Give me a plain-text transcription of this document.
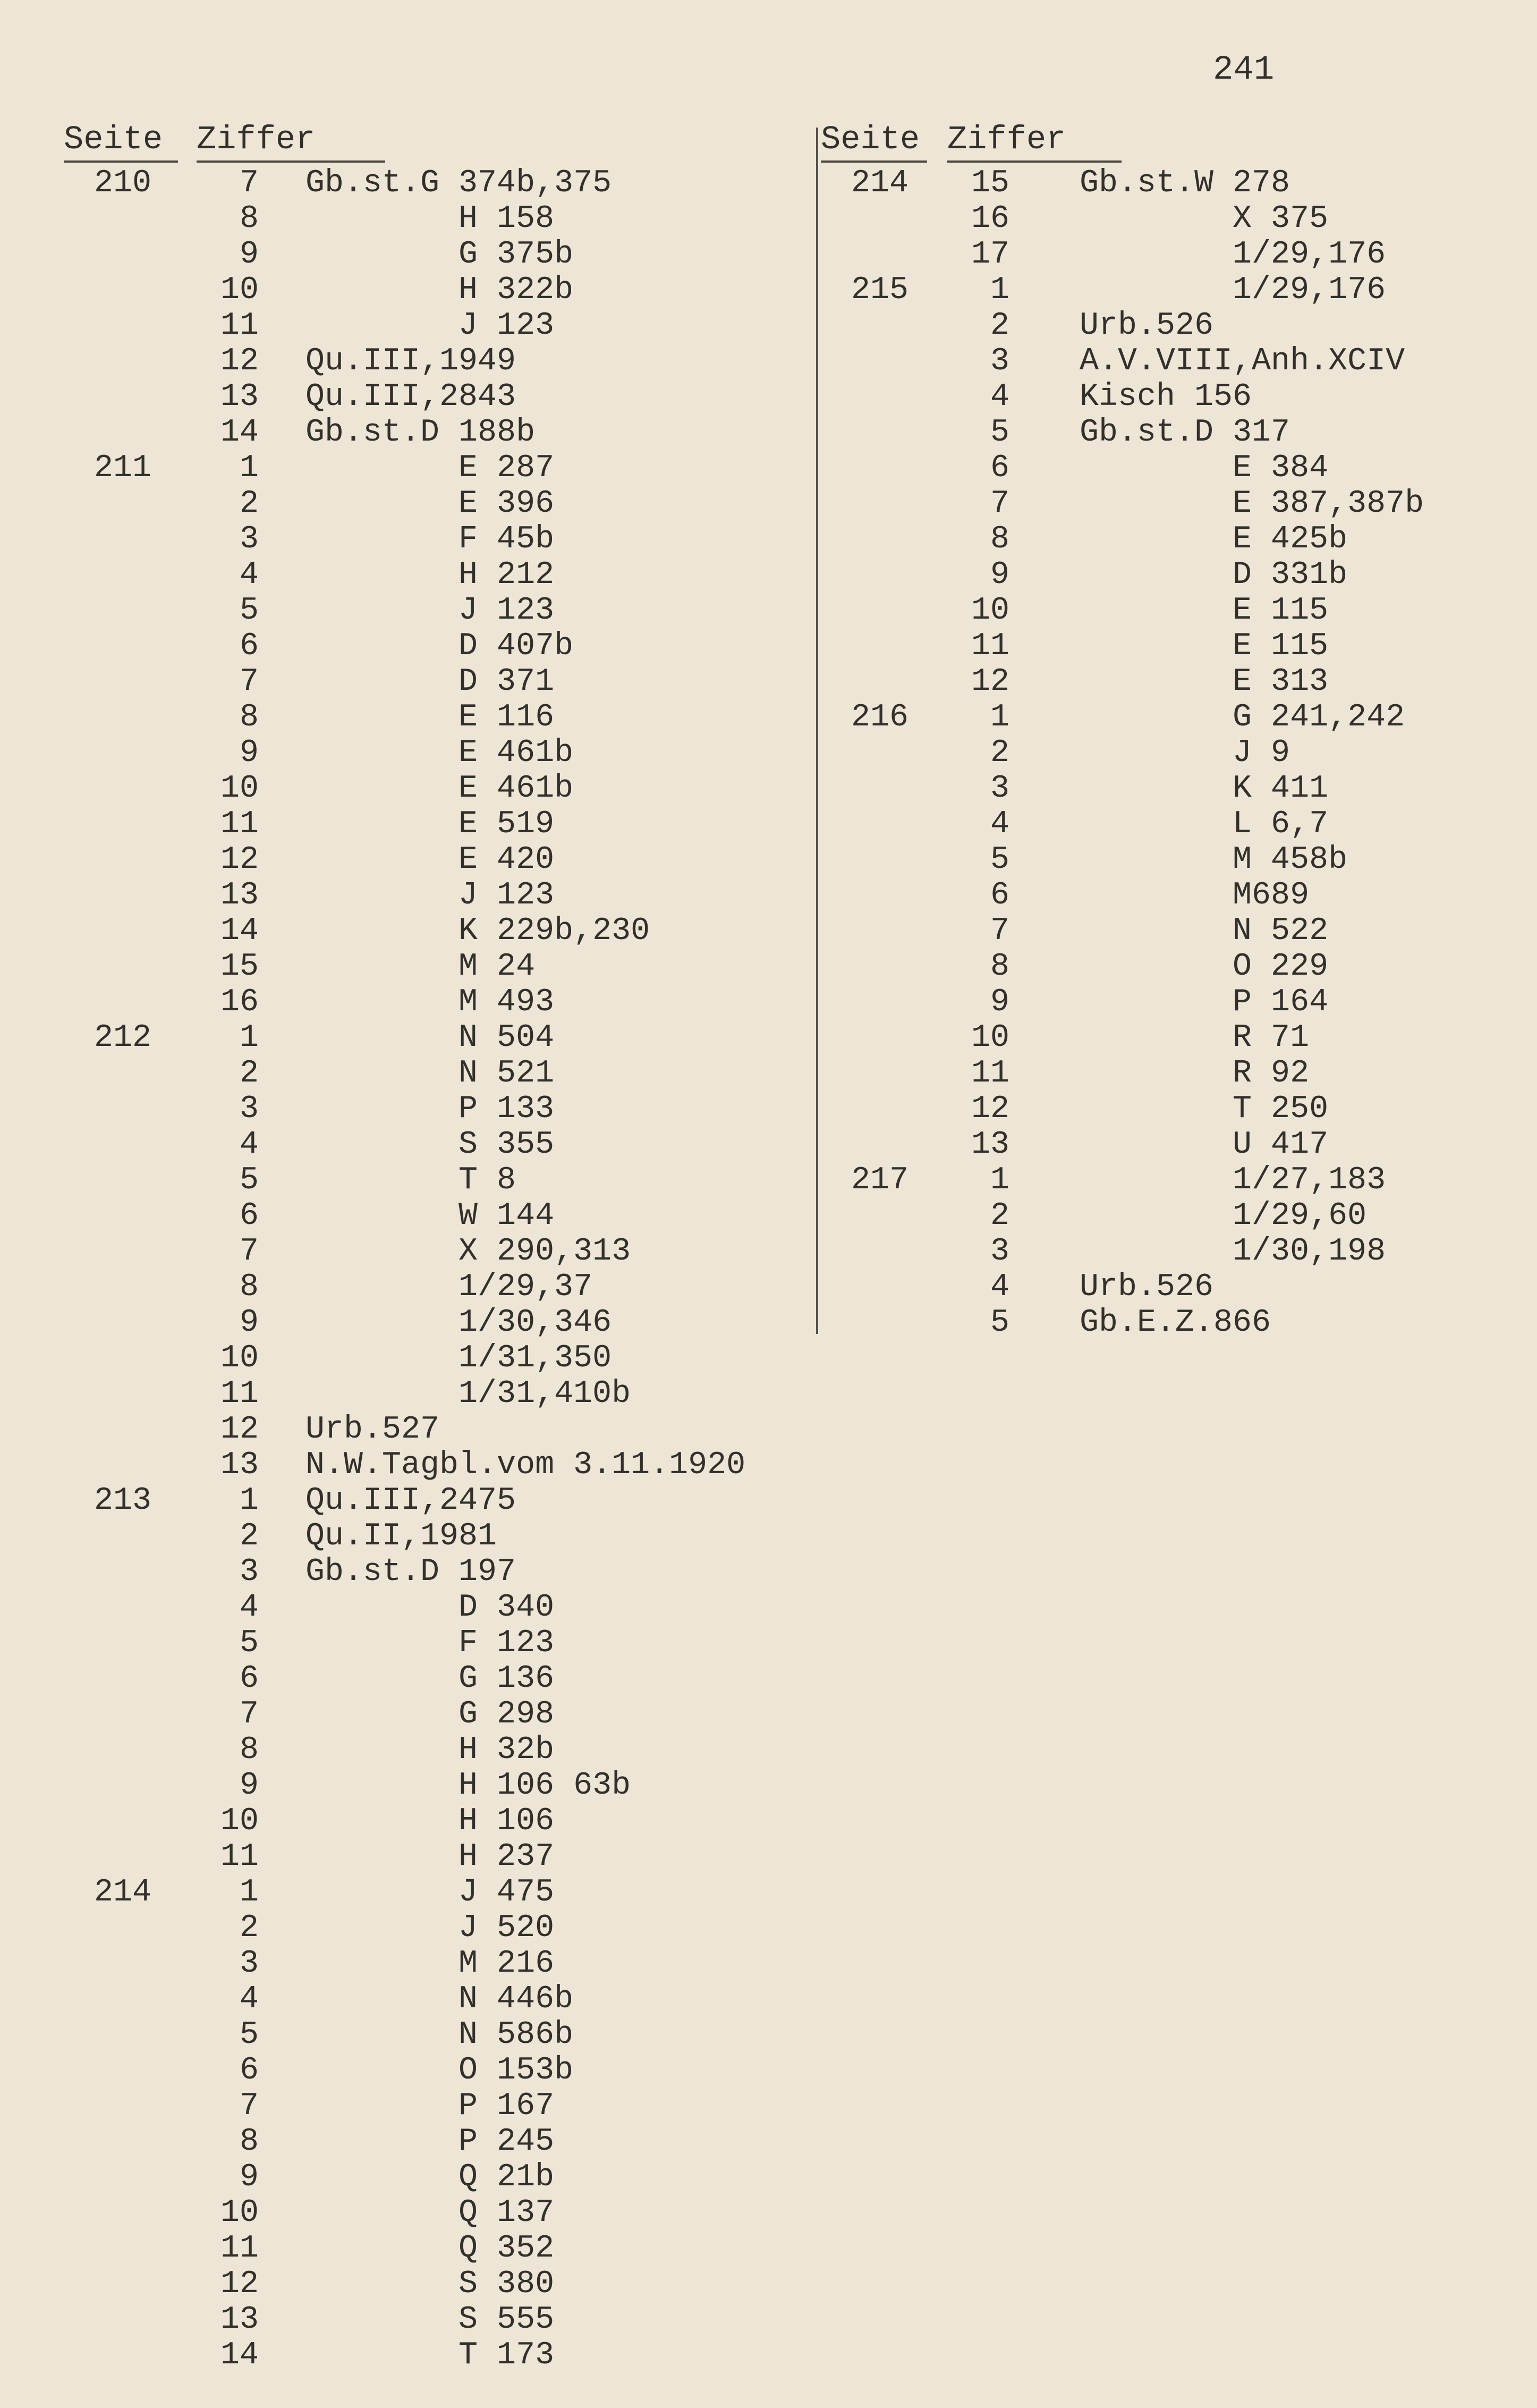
241
Seite Ziffer
210	7 Gb.st.G 374b,375
8 H 158
9 G 375b
10 H 322b
11 J 123
12 Qu.III,1949
13 Qu.III,2843
14 Gb.st.D 188b
211	1 E 287
2 E 396
3 F 45b
4 H 212
5 J 123
6 D 407b
7 D 371
8 E 116
9 E 461b
10 E 461b
11 E 519
12 E 420
13 J 123
14 K 229b,230
15 M 24
16 M 493
212	1 N 504
2 N 521
3 P 133
4 S 355
5 T 8
6 W 144
7 X 290,313
8 1/29,37
9 1/30,346
10 1/31,350
11 1/31,410b
12 Urb.527
13 N.W.Tagbl.vom 3.11.1920
213	1 Qu.III,2475
2 Qu.II,1981
3 Gb.st.D 197
4 D 340
5 F 123
6 G 136
7 G 298
8 H 32b
9 H 106 63b
10 H 106
11 H 237
214	1 J 475
2 J 520
3 M 216
4 N 446b
5 N 586b
6 O 153b
7 P 167
8 P 245
9 Q 21b
10 Q 137
11 Q 352
12 S 380
13 S 555
14 T 173
Seite Ziffer
214 15 Gb.st.W 278
16 X 375
17 1/29,176
215	1 1/29,176
2 Urb.526
3 A.V.VIII,Anh.XCIV
4 Kisch 156
5 Gb.st.D 317
6 E 384
7 E 387,387b
8 E 425b
9 D 331b
10 E 115
11 E 115
12 E 313
216	1 G 241,242
2 J 9
3 K 411
4 L 6,7
5 M 458b
6 M689
7 N 522
8 O 229
9 P 164
10 R 71
11 R 92
12 T 250
13 U 417
217	1 1/27,183
2 1/29,60
3 1/30,198
4 Urb.526
5 Gb.E.Z.866
